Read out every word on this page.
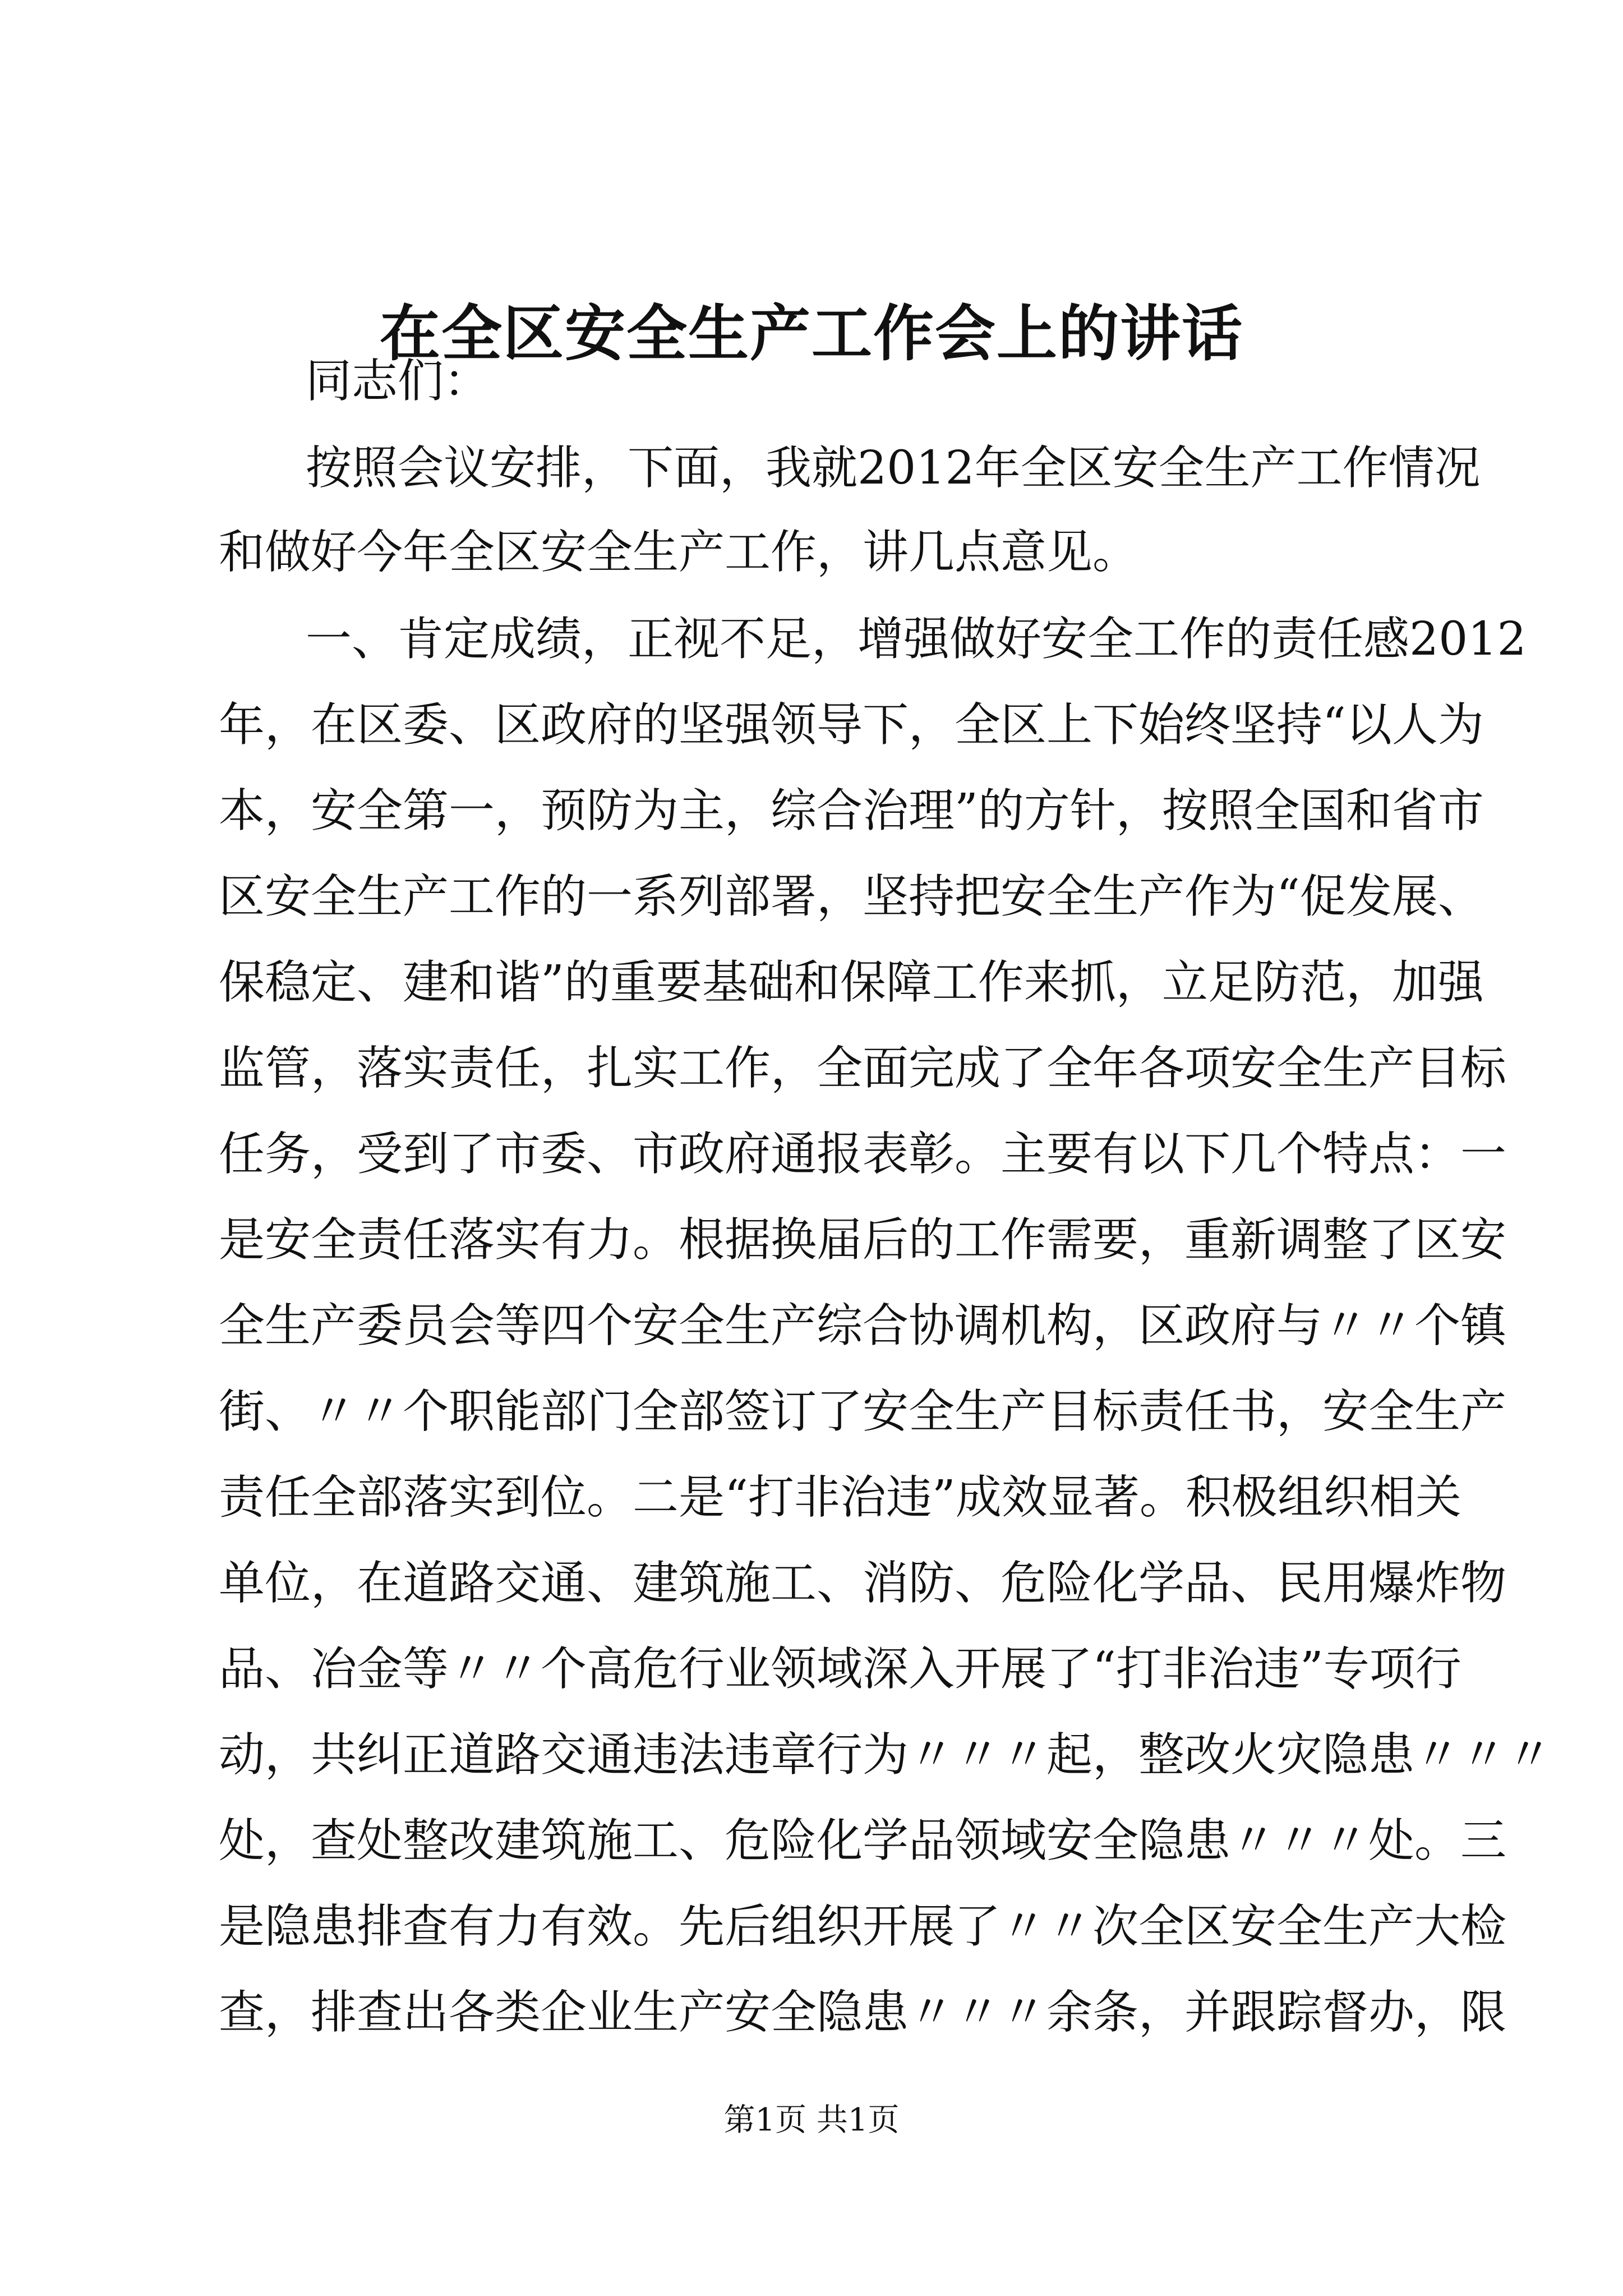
在全区安全生产工作会上的讲话
同志们：
按照会议安排，下面，我就2012年全区安全生产工作情况
和做好今年全区安全生产工作，讲几点意见。
一、肯定成绩，正视不足，增强做好安全工作的责任感2012
年，在区委、区政府的坚强领导下，全区上下始终坚持“以人为
本，安全第一，预防为主，综合治理”的方针，按照全国和省市
区安全生产工作的一系列部署，坚持把安全生产作为“促发展、
保稳定、建和谐”的重要基础和保障工作来抓，立足防范，加强
监管，落实责任，扎实工作，全面完成了全年各项安全生产目标
任务，受到了市委、市政府通报表彰。主要有以下几个特点：一
是安全责任落实有力。根据换届后的工作需要，重新调整了区安
全生产委员会等四个安全生产综合协调机构，区政府与〃〃个镇
街、〃〃个职能部门全部签订了安全生产目标责任书，安全生产
责任全部落实到位。二是“打非治违”成效显著。积极组织相关
单位，在道路交通、建筑施工、消防、危险化学品、民用爆炸物
品、冶金等〃〃个高危行业领域深入开展了“打非治违”专项行
动，共纠正道路交通违法违章行为〃〃〃起，整改火灾隐患〃〃〃
处，查处整改建筑施工、危险化学品领域安全隐患〃〃〃处。三
是隐患排查有力有效。先后组织开展了〃〃次全区安全生产大检
查，排查出各类企业生产安全隐患〃〃〃余条，并跟踪督办，限
第1页 共1页
